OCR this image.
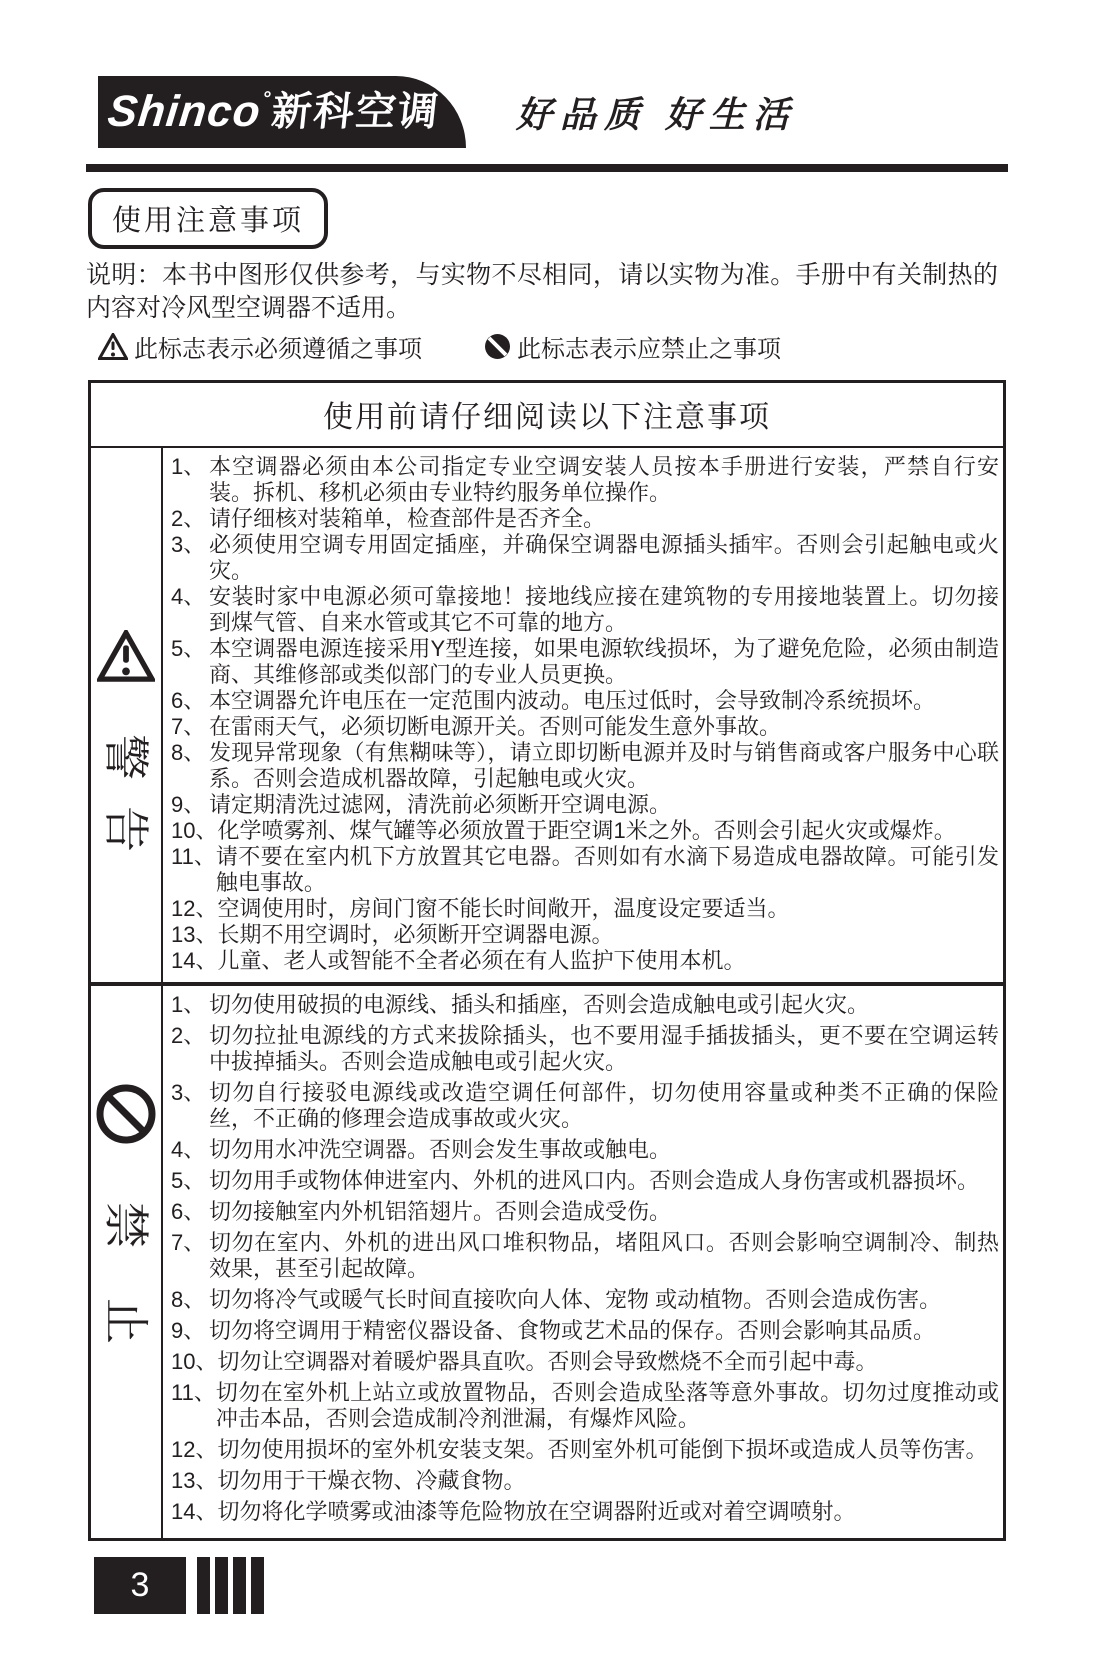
Shinco
°
新科空调 好品质 好生活
使用注意事项
说明：本书中图形仅供参考，与实物不尽相同，请以实物为准。手册中有关制热的内容对冷风型空调器不适用。
此标志表示必须遵循之事项	此标志表示应禁止之事项
使用前请仔细阅读以下注意事项
警
告
1、 本空调器必须由本公司指定专业空调安装人员按本手册进行安装，严禁自行安装。拆机、移机必须由专业特约服务单位操作。
2、 请仔细核对装箱单，检查部件是否齐全。
3、 必须使用空调专用固定插座，并确保空调器电源插头插牢。否则会引起触电或火灾。
4、 安装时家中电源必须可靠接地！接地线应接在建筑物的专用接地装置上。切勿接到煤气管、自来水管或其它不可靠的地方。
5、 本空调器电源连接采用Y型连接，如果电源软线损坏，为了避免危险，必须由制造商、其维修部或类似部门的专业人员更换。
6、 本空调器允许电压在一定范围内波动。电压过低时，会导致制冷系统损坏。
7、 在雷雨天气，必须切断电源开关。否则可能发生意外事故。
8、 发现异常现象（有焦糊味等），请立即切断电源并及时与销售商或客户服务中心联系。否则会造成机器故障，引起触电或火灾。
9、 请定期清洗过滤网，清洗前必须断开空调电源。
10、 化学喷雾剂、煤气罐等必须放置于距空调1米之外。否则会引起火灾或爆炸。
11、 请不要在室内机下方放置其它电器。否则如有水滴下易造成电器故障。可能引发触电事故。
12、 空调使用时，房间门窗不能长时间敞开，温度设定要适当。
13、 长期不用空调时，必须断开空调器电源。
14、 儿童、老人或智能不全者必须在有人监护下使用本机。
禁
止
1、 切勿使用破损的电源线、插头和插座，否则会造成触电或引起火灾。
2、 切勿拉扯电源线的方式来拔除插头，也不要用湿手插拔插头，更不要在空调运转中拔掉插头。否则会造成触电或引起火灾。
3、 切勿自行接驳电源线或改造空调任何部件，切勿使用容量或种类不正确的保险丝，不正确的修理会造成事故或火灾。
4、 切勿用水冲洗空调器。否则会发生事故或触电。
5、 切勿用手或物体伸进室内、外机的进风口内。否则会造成人身伤害或机器损坏。
6、 切勿接触室内外机铝箔翅片。否则会造成受伤。
7、 切勿在室内、外机的进出风口堆积物品，堵阻风口。否则会影响空调制冷、制热效果，甚至引起故障。
8、 切勿将冷气或暖气长时间直接吹向人体、宠物 或动植物。否则会造成伤害。
9、 切勿将空调用于精密仪器设备、食物或艺术品的保存。否则会影响其品质。
10、 切勿让空调器对着暖炉器具直吹。否则会导致燃烧不全而引起中毒。
11、 切勿在室外机上站立或放置物品，否则会造成坠落等意外事故。切勿过度推动或冲击本品，否则会造成制冷剂泄漏，有爆炸风险。
12、 切勿使用损坏的室外机安装支架。否则室外机可能倒下损坏或造成人员等伤害。
13、 切勿用于干燥衣物、冷藏食物。
14、 切勿将化学喷雾或油漆等危险物放在空调器附近或对着空调喷射。
3
